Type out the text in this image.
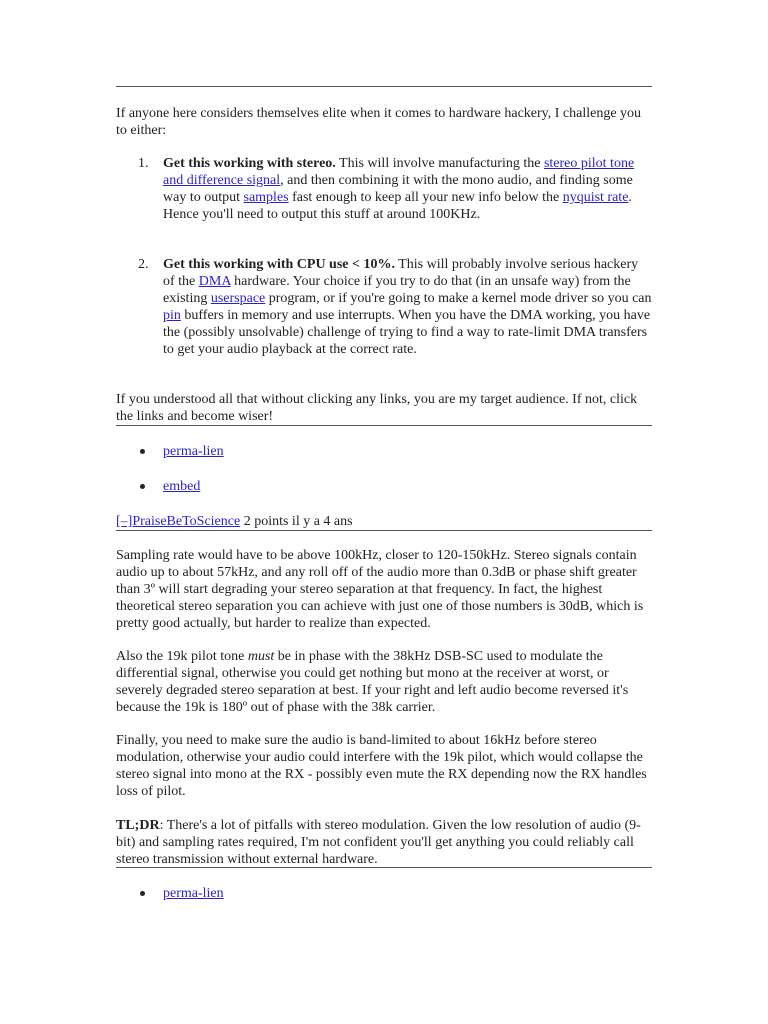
If anyone here considers themselves elite when it comes to hardware hackery, I challenge you to either:

1. Get this working with stereo. This will involve manufacturing the stereo pilot tone and difference signal, and then combining it with the mono audio, and finding some way to output samples fast enough to keep all your new info below the nyquist rate. Hence you'll need to output this stuff at around 100KHz.
2. Get this working with CPU use < 10%. This will probably involve serious hackery of the DMA hardware. Your choice if you try to do that (in an unsafe way) from the existing userspace program, or if you're going to make a kernel mode driver so you can pin buffers in memory and use interrupts. When you have the DMA working, you have the (possibly unsolvable) challenge of trying to find a way to rate-limit DMA transfers to get your audio playback at the correct rate.

If you understood all that without clicking any links, you are my target audience. If not, click the links and become wiser!

perma-lien
embed
[–]PraiseBeToScience 2 points il y a 4 ans

Sampling rate would have to be above 100kHz, closer to 120-150kHz. Stereo signals contain audio up to about 57kHz, and any roll off of the audio more than 0.3dB or phase shift greater than 3º will start degrading your stereo separation at that frequency. In fact, the highest theoretical stereo separation you can achieve with just one of those numbers is 30dB, which is pretty good actually, but harder to realize than expected.

Also the 19k pilot tone must be in phase with the 38kHz DSB-SC used to modulate the differential signal, otherwise you could get nothing but mono at the receiver at worst, or severely degraded stereo separation at best. If your right and left audio become reversed it's because the 19k is 180º out of phase with the 38k carrier.

Finally, you need to make sure the audio is band-limited to about 16kHz before stereo modulation, otherwise your audio could interfere with the 19k pilot, which would collapse the stereo signal into mono at the RX - possibly even mute the RX depending now the RX handles loss of pilot.

TL;DR: There's a lot of pitfalls with stereo modulation. Given the low resolution of audio (9-bit) and sampling rates required, I'm not confident you'll get anything you could reliably call stereo transmission without external hardware.

perma-lien
